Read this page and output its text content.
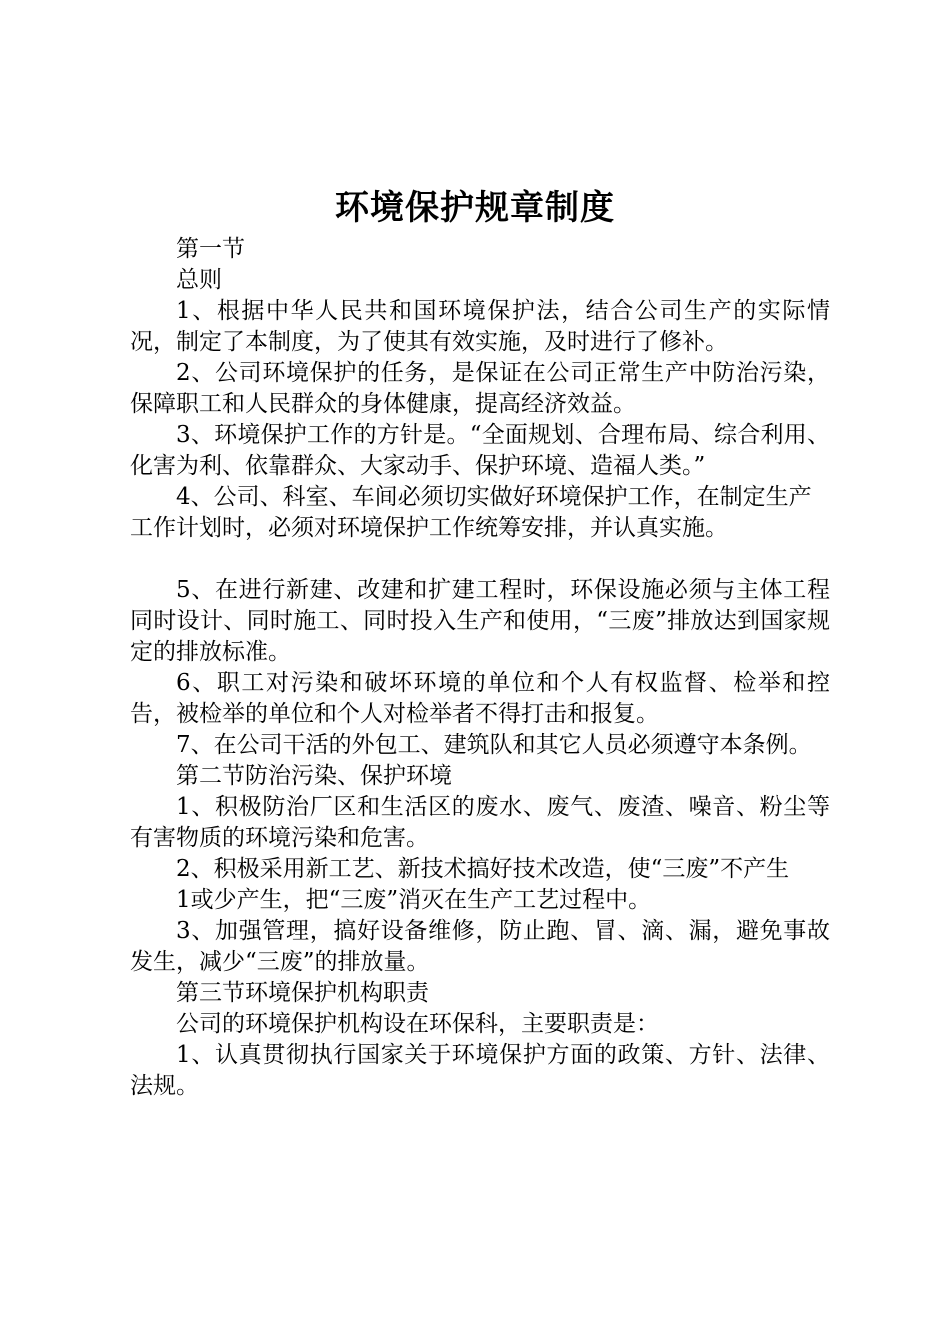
环境保护规章制度

第一节

总则

1、根据中华人民共和国环境保护法，结合公司生产的实际情况，制定了本制度，为了使其有效实施，及时进行了修补。

2、公司环境保护的任务，是保证在公司正常生产中防治污染，保障职工和人民群众的身体健康，提高经济效益。

3、环境保护工作的方针是。“全面规划、合理布局、综合利用、化害为利、依靠群众、大家动手、保护环境、造福人类。”

4、公司、科室、车间必须切实做好环境保护工作，在制定生产工作计划时，必须对环境保护工作统筹安排，并认真实施。

5、在进行新建、改建和扩建工程时，环保设施必须与主体工程同时设计、同时施工、同时投入生产和使用，“三废”排放达到国家规定的排放标准。

6、职工对污染和破坏环境的单位和个人有权监督、检举和控告，被检举的单位和个人对检举者不得打击和报复。

7、在公司干活的外包工、建筑队和其它人员必须遵守本条例。

第二节防治污染、保护环境

1、积极防治厂区和生活区的废水、废气、废渣、噪音、粉尘等有害物质的环境污染和危害。

2、积极采用新工艺、新技术搞好技术改造，使“三废”不产生

1或少产生，把“三废”消灭在生产工艺过程中。

3、加强管理，搞好设备维修，防止跑、冒、滴、漏，避免事故发生，减少“三废”的排放量。

第三节环境保护机构职责

公司的环境保护机构设在环保科，主要职责是：

1、认真贯彻执行国家关于环境保护方面的政策、方针、法律、法规。
